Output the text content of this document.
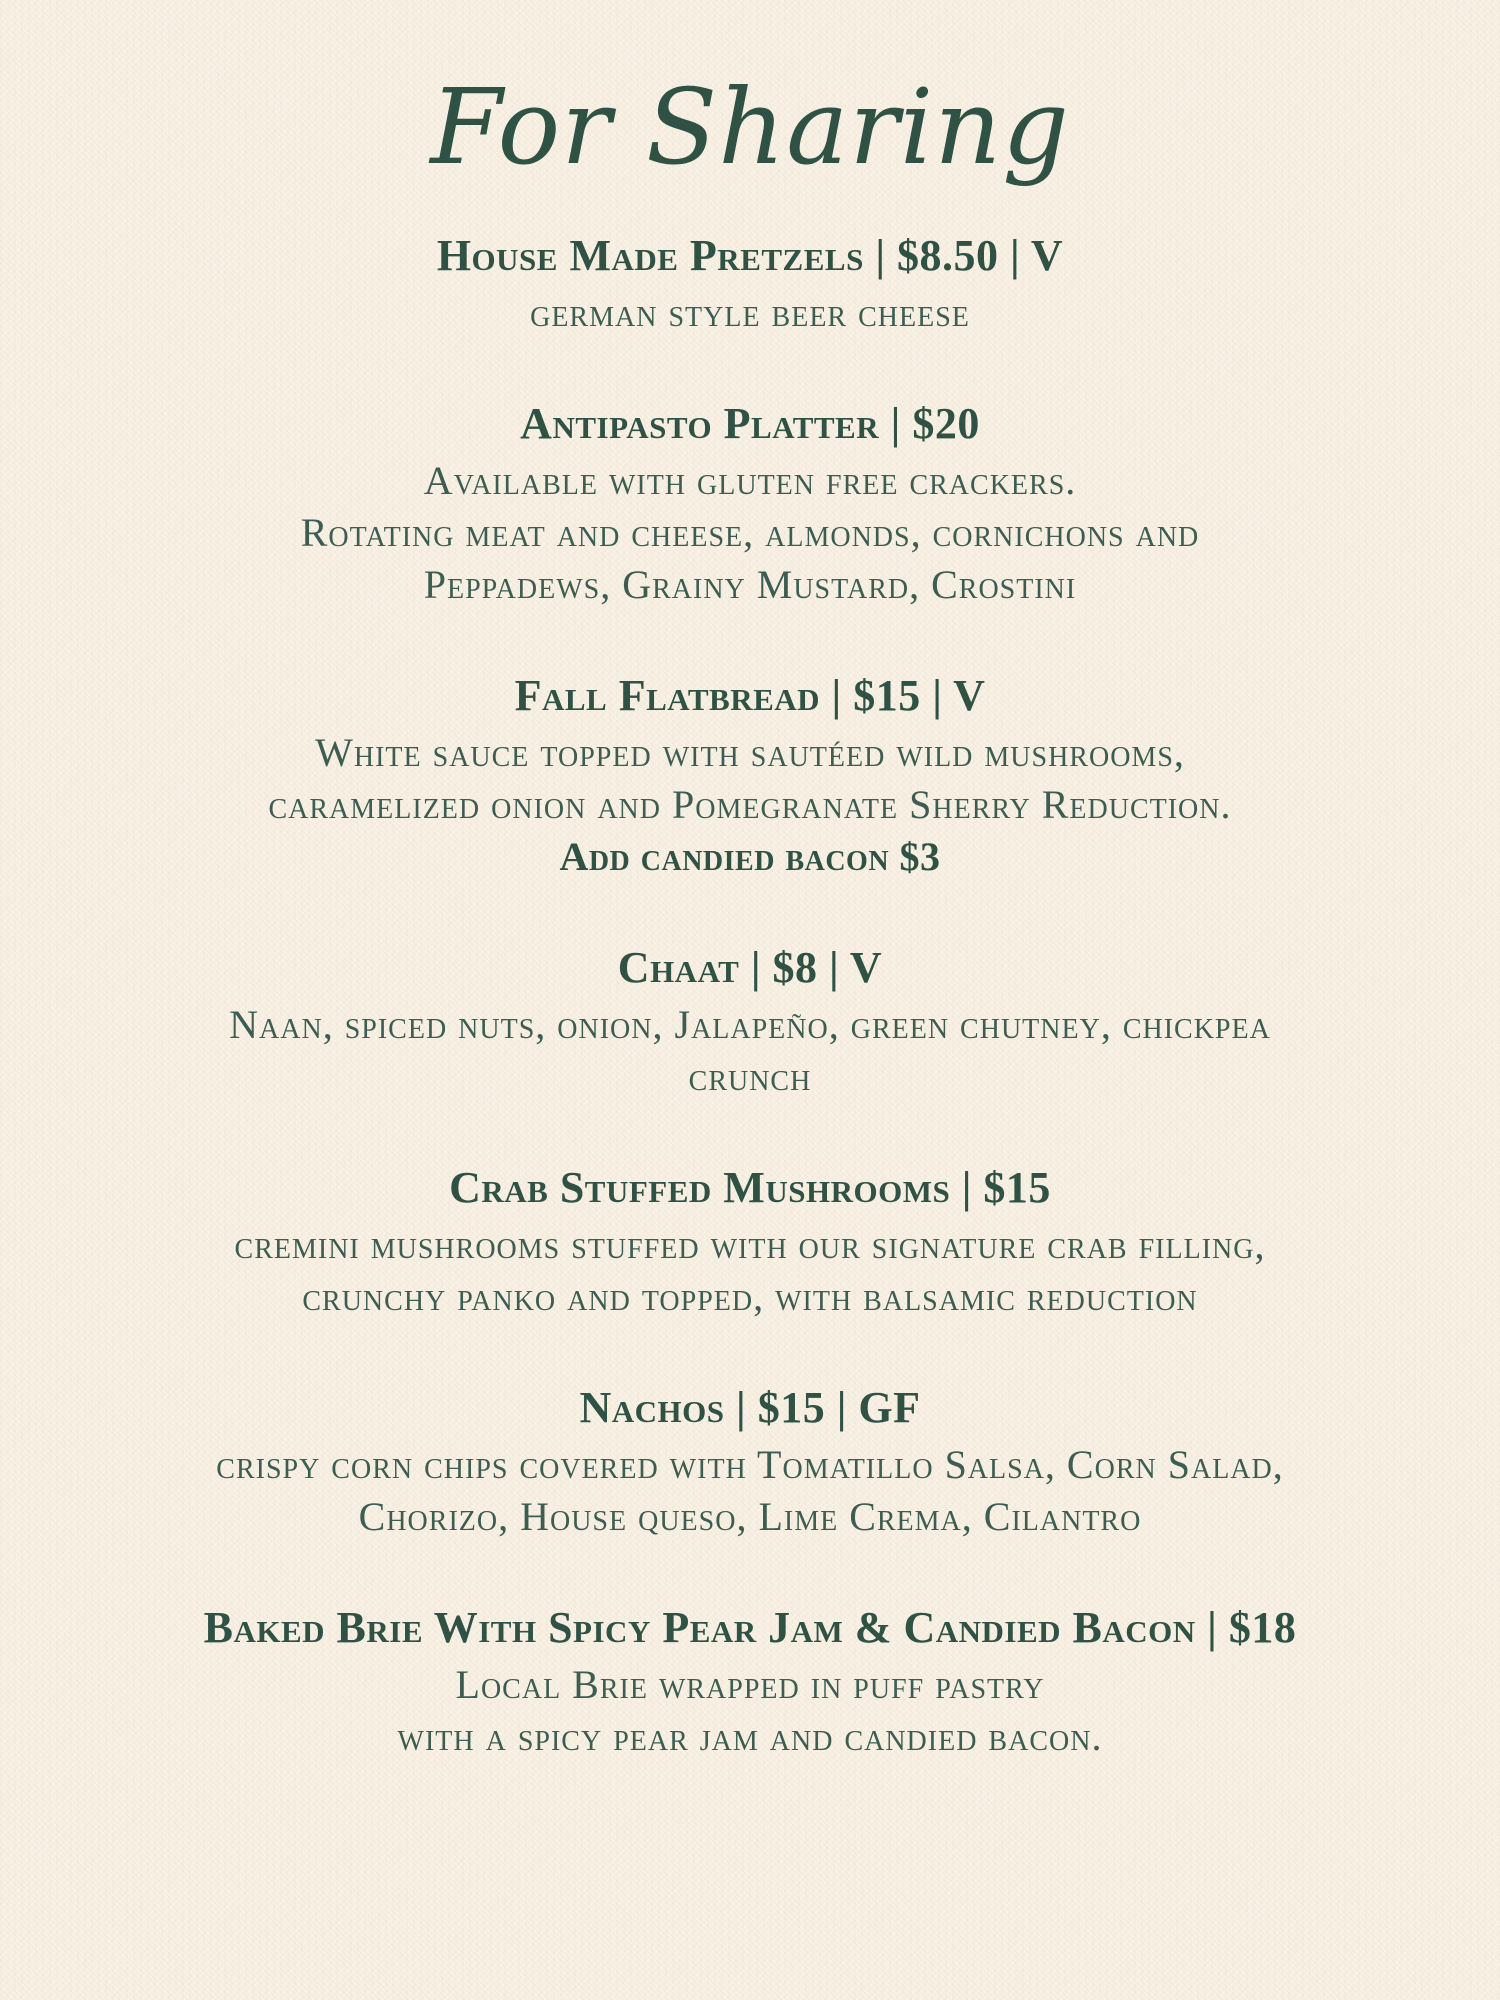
For Sharing
House Made Pretzels | $8.50 | V
german style beer cheese
Antipasto Platter | $20
Available with gluten free crackers.
Rotating meat and cheese, almonds, cornichons and
Peppadews, Grainy Mustard, Crostini
Fall Flatbread | $15 | V
White sauce topped with sautéed wild mushrooms,
caramelized onion and Pomegranate Sherry Reduction.
Add candied bacon $3
Chaat | $8 | V
Naan, spiced nuts, onion, Jalapeño, green chutney, chickpea
crunch
Crab Stuffed Mushrooms | $15
cremini mushrooms stuffed with our signature crab filling,
crunchy panko and topped, with balsamic reduction
Nachos | $15 | GF
crispy corn chips covered with Tomatillo Salsa, Corn Salad,
Chorizo, House queso, Lime Crema, Cilantro
Baked Brie With Spicy Pear Jam & Candied Bacon | $18
Local Brie wrapped in puff pastry
with a spicy pear jam and candied bacon.
